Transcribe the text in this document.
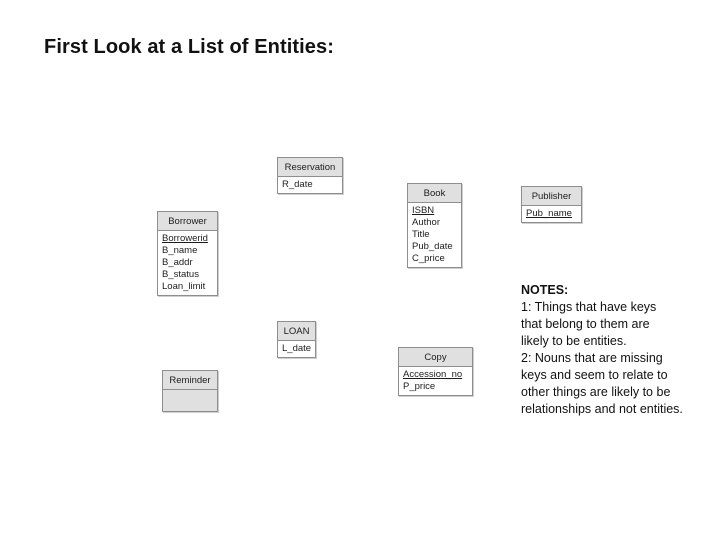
First Look at a List of Entities:
Reservation
R_date
Book
ISBN
Author
Title
Pub_date
C_price
Publisher
Pub_name
Borrower
Borrowerid
B_name
B_addr
B_status
Loan_limit
LOAN
L_date
Copy
Accession_no
P_price
Reminder
NOTES:
1: Things that have keys
that belong to them are
likely to be entities.
2: Nouns that are missing
keys and seem to relate to
other things are likely to be
relationships and not entities.
